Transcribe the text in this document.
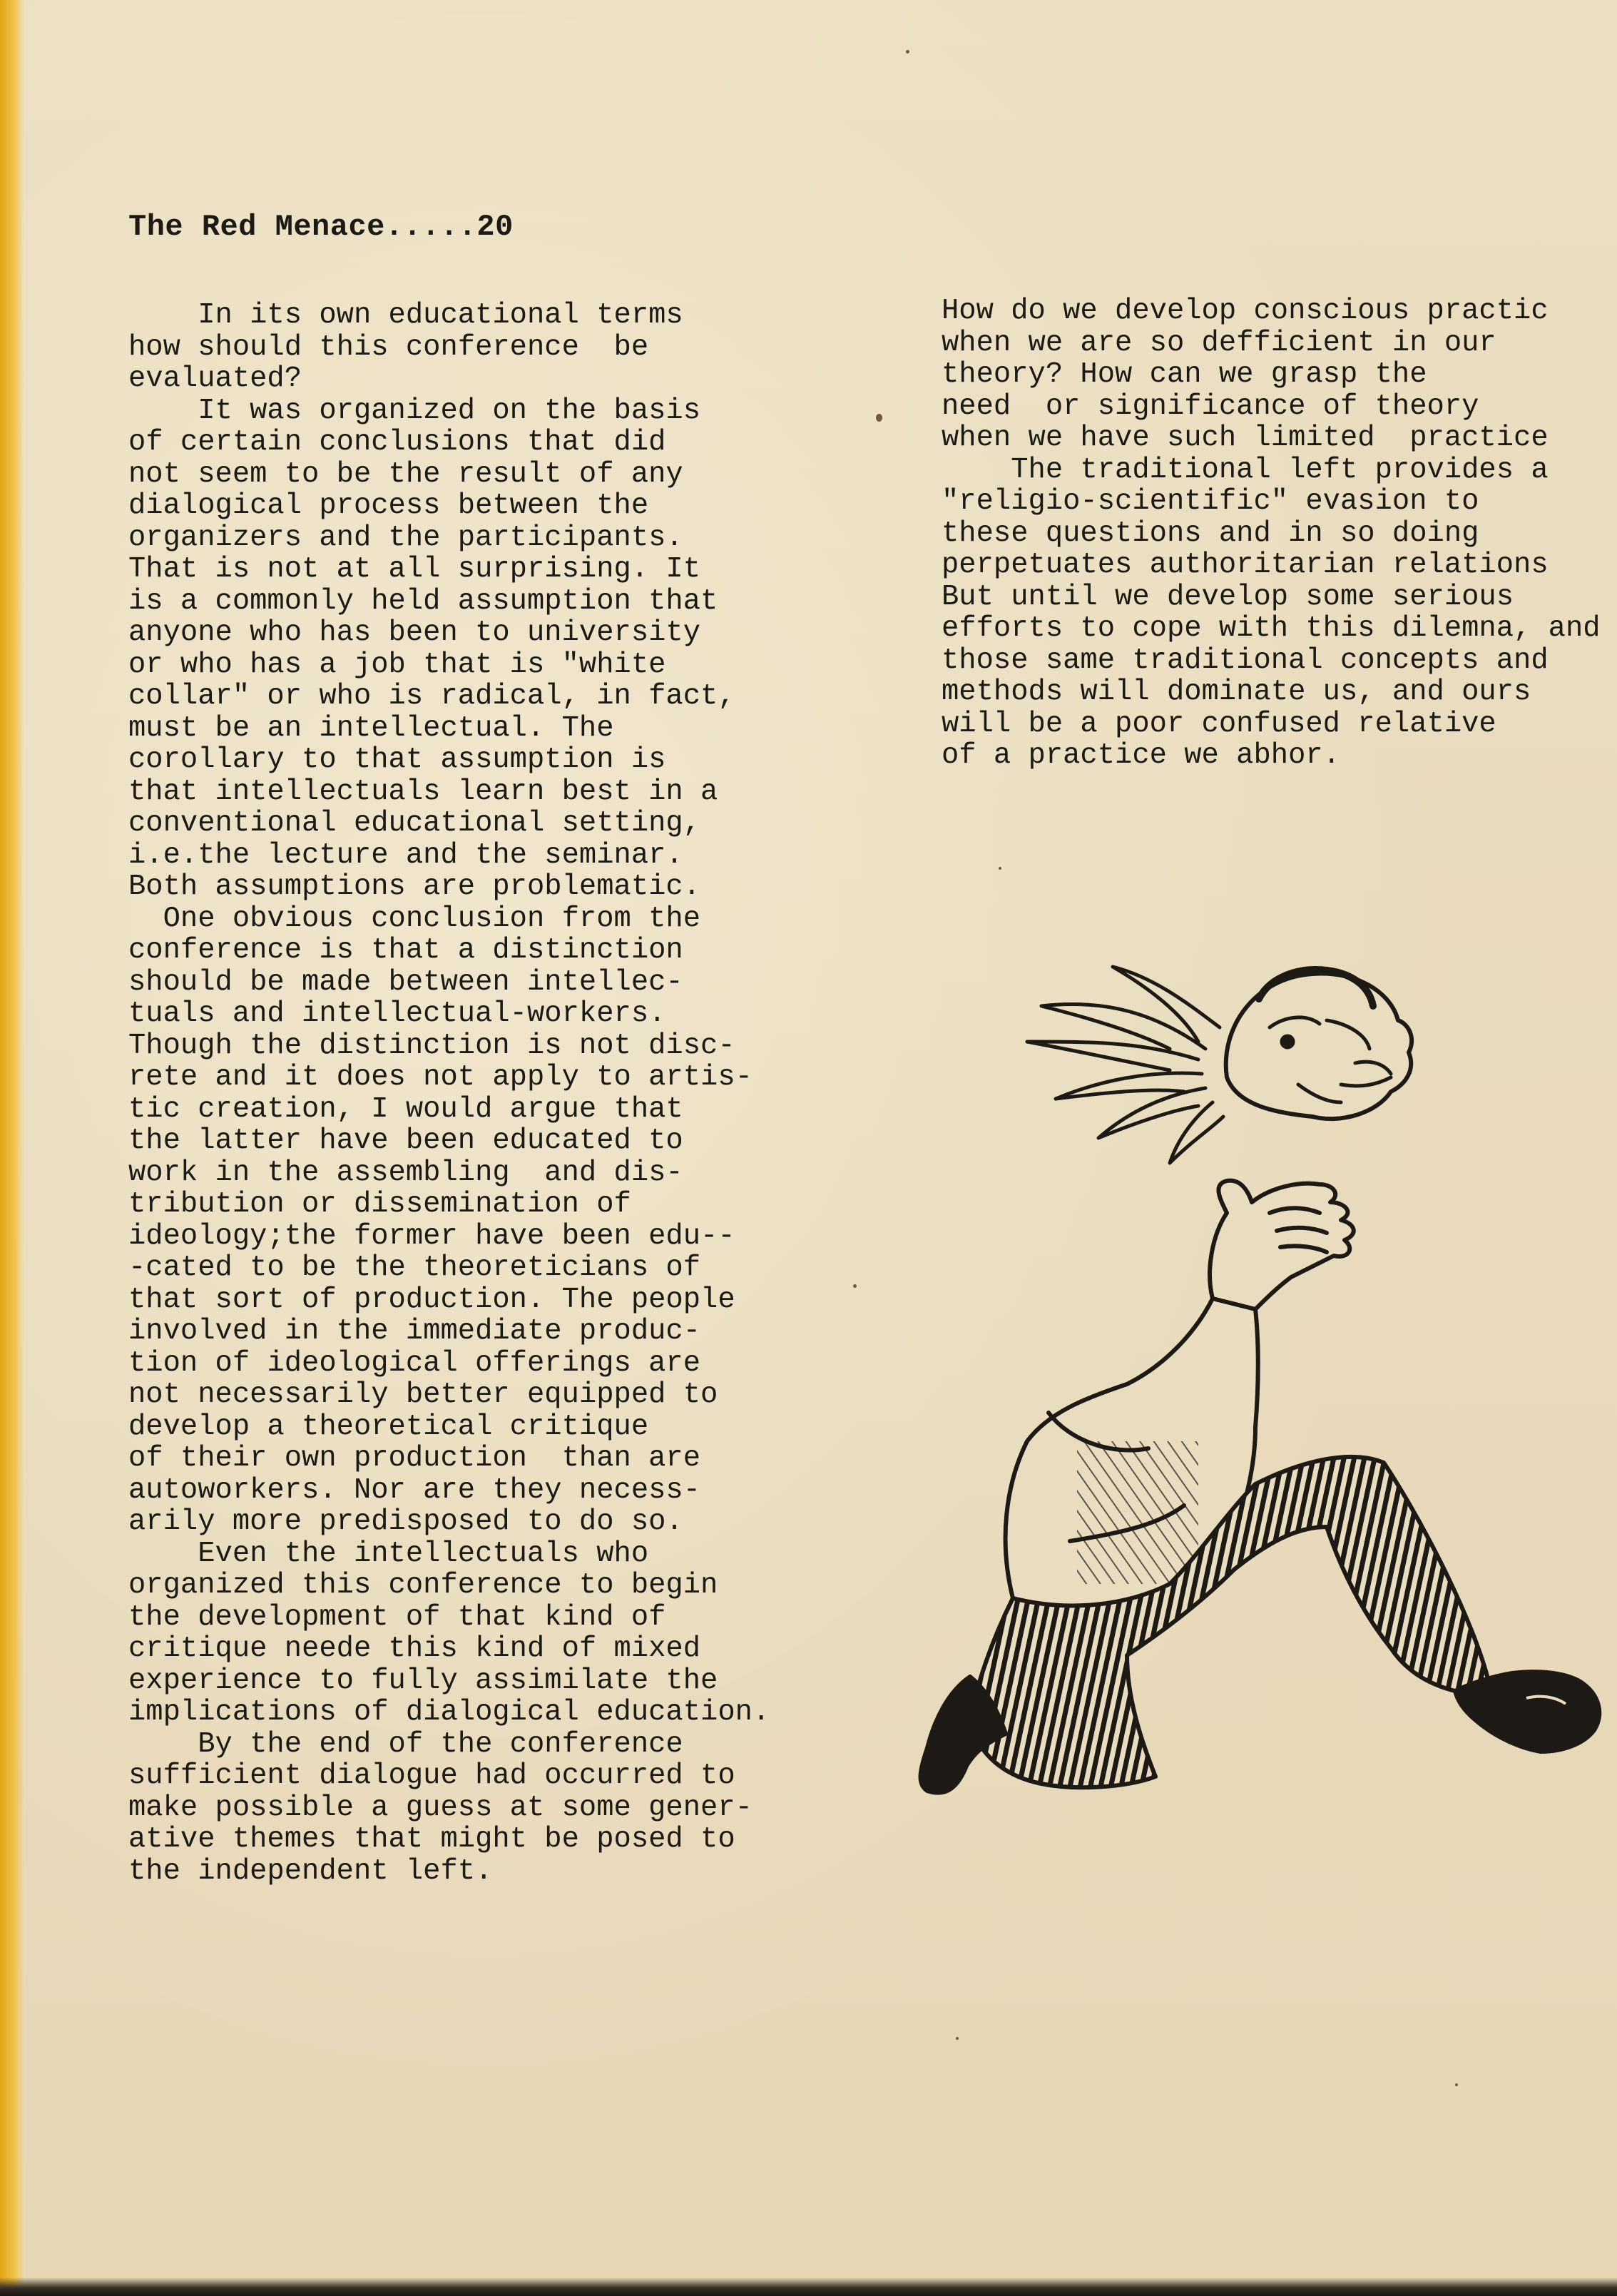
The Red Menace.....20
In its own educational terms
how should this conference  be
evaluated?
It was organized on the basis
of certain conclusions that did
not seem to be the result of any
dialogical process between the
organizers and the participants.
That is not at all surprising. It
is a commonly held assumption that
anyone who has been to university
or who has a job that is "white
collar" or who is radical, in fact,
must be an intellectual. The
corollary to that assumption is
that intellectuals learn best in a
conventional educational setting,
i.e.the lecture and the seminar.
Both assumptions are problematic.
One obvious conclusion from the
conference is that a distinction
should be made between intellec-
tuals and intellectual-workers.
Though the distinction is not disc-
rete and it does not apply to artis-
tic creation, I would argue that
the latter have been educated to
work in the assembling  and dis-
tribution or dissemination of
ideology;the former have been edu--
-cated to be the theoreticians of
that sort of production. The people
involved in the immediate produc-
tion of ideological offerings are
not necessarily better equipped to
develop a theoretical critique
of their own production  than are
autoworkers. Nor are they necess-
arily more predisposed to do so.
Even the intellectuals who
organized this conference to begin
the development of that kind of
critique neede this kind of mixed
experience to fully assimilate the
implications of dialogical education.
By the end of the conference
sufficient dialogue had occurred to
make possible a guess at some gener-
ative themes that might be posed to
the independent left.
How do we develop conscious practic
when we are so defficient in our
theory? How can we grasp the
need  or significance of theory
when we have such limited  practice
The traditional left provides a
"religio-scientific" evasion to
these questions and in so doing
perpetuates authoritarian relations
But until we develop some serious
efforts to cope with this dilemna, and
those same traditional concepts and
methods will dominate us, and ours
will be a poor confused relative
of a practice we abhor.
